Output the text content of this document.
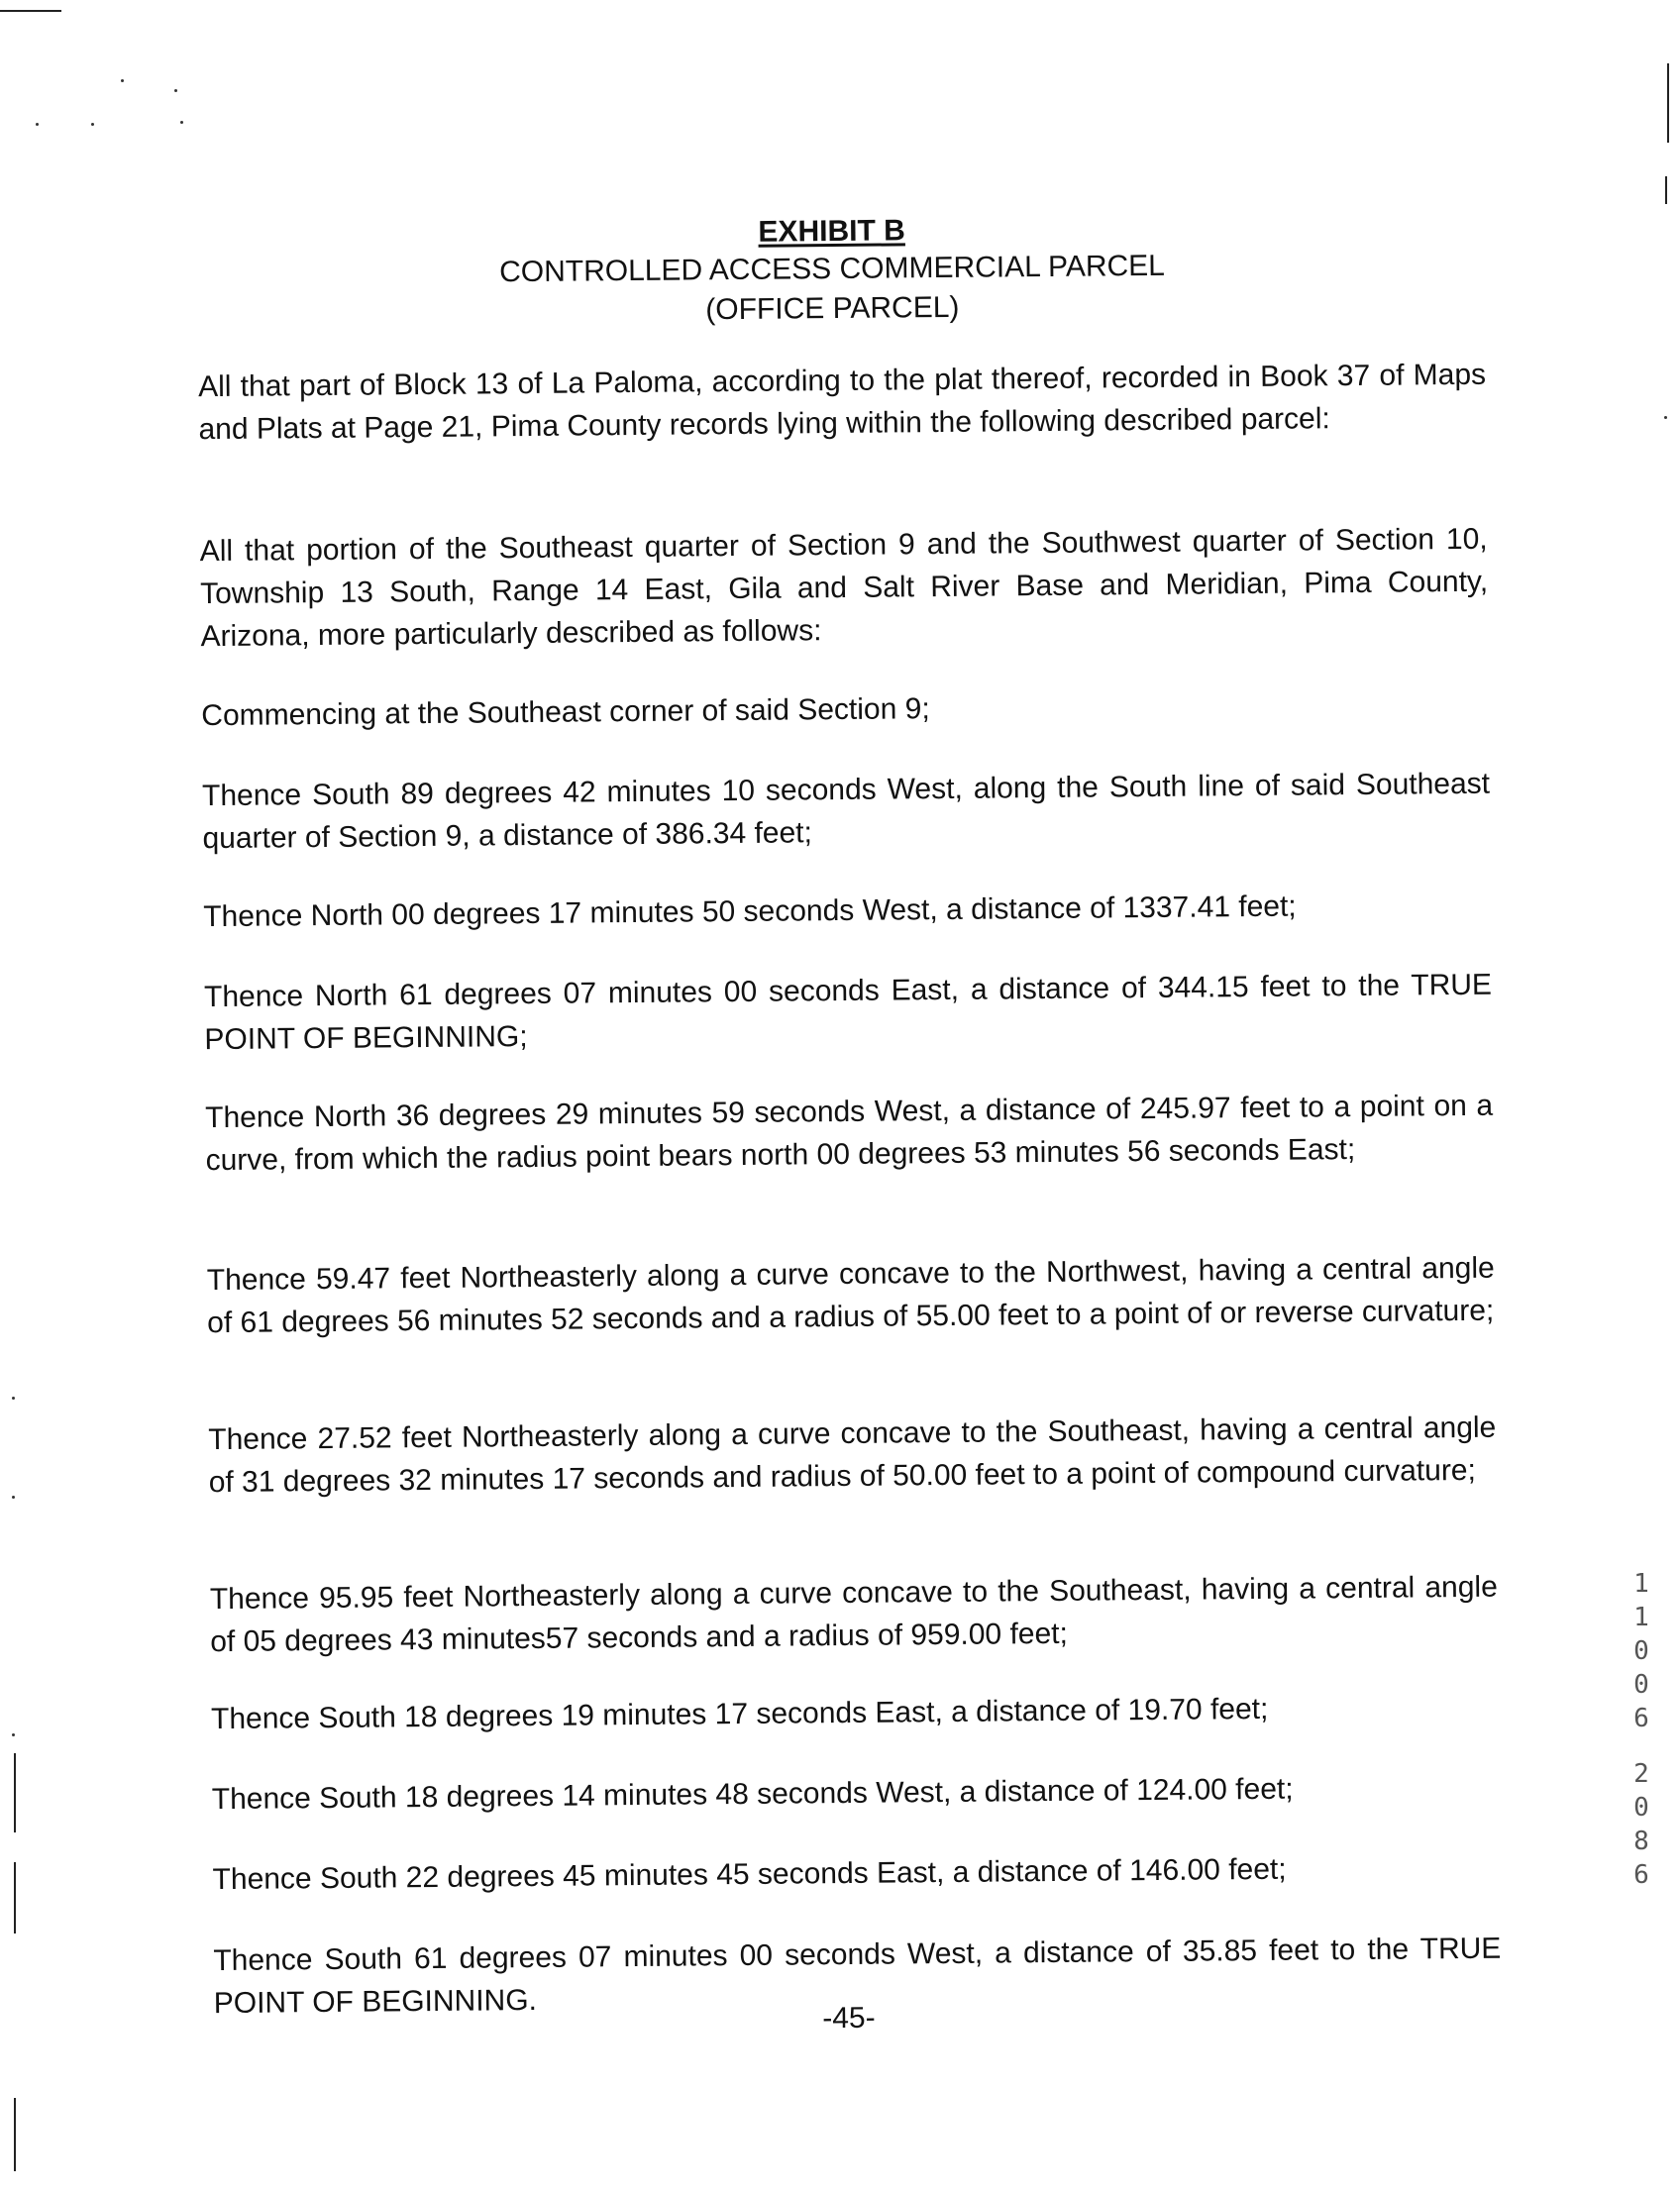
1
1
0
0
6
2
0
8
6
EXHIBIT B
CONTROLLED ACCESS COMMERCIAL PARCEL
(OFFICE PARCEL)
All that part of Block 13 of La Paloma, according to the plat thereof, recorded in Book 37 of Maps and Plats at Page 21, Pima County records lying within the following described parcel:
All that portion of the Southeast quarter of Section 9 and the Southwest quarter of Section 10, Township 13 South, Range 14 East, Gila and Salt River Base and Meridian, Pima County, Arizona, more particularly described as follows:
Commencing at the Southeast corner of said Section 9;
Thence South 89 degrees 42 minutes 10 seconds West, along the South line of said Southeast quarter of Section 9, a distance of 386.34 feet;
Thence North 00 degrees 17 minutes 50 seconds West, a distance of 1337.41 feet;
Thence North 61 degrees 07 minutes 00 seconds East, a distance of 344.15 feet to the TRUE POINT OF BEGINNING;
Thence North 36 degrees 29 minutes 59 seconds West, a distance of 245.97 feet to a point on a curve, from which the radius point bears north 00 degrees 53 minutes 56 seconds East;
Thence 59.47 feet Northeasterly along a curve concave to the Northwest, having a central angle of 61 degrees 56 minutes 52 seconds and a radius of 55.00 feet to a point of or reverse curvature;
Thence 27.52 feet Northeasterly along a curve concave to the Southeast, having a central angle of 31 degrees 32 minutes 17 seconds and radius of 50.00 feet to a point of compound curvature;
Thence 95.95 feet Northeasterly along a curve concave to the Southeast, having a central angle of 05 degrees 43 minutes57 seconds and a radius of 959.00 feet;
Thence South 18 degrees 19 minutes 17 seconds East, a distance of 19.70 feet;
Thence South 18 degrees 14 minutes 48 seconds West, a distance of 124.00 feet;
Thence South 22 degrees 45 minutes 45 seconds East, a distance of 146.00 feet;
Thence South 61 degrees 07 minutes 00 seconds West, a distance of 35.85 feet to the TRUE POINT OF BEGINNING.	-45-
